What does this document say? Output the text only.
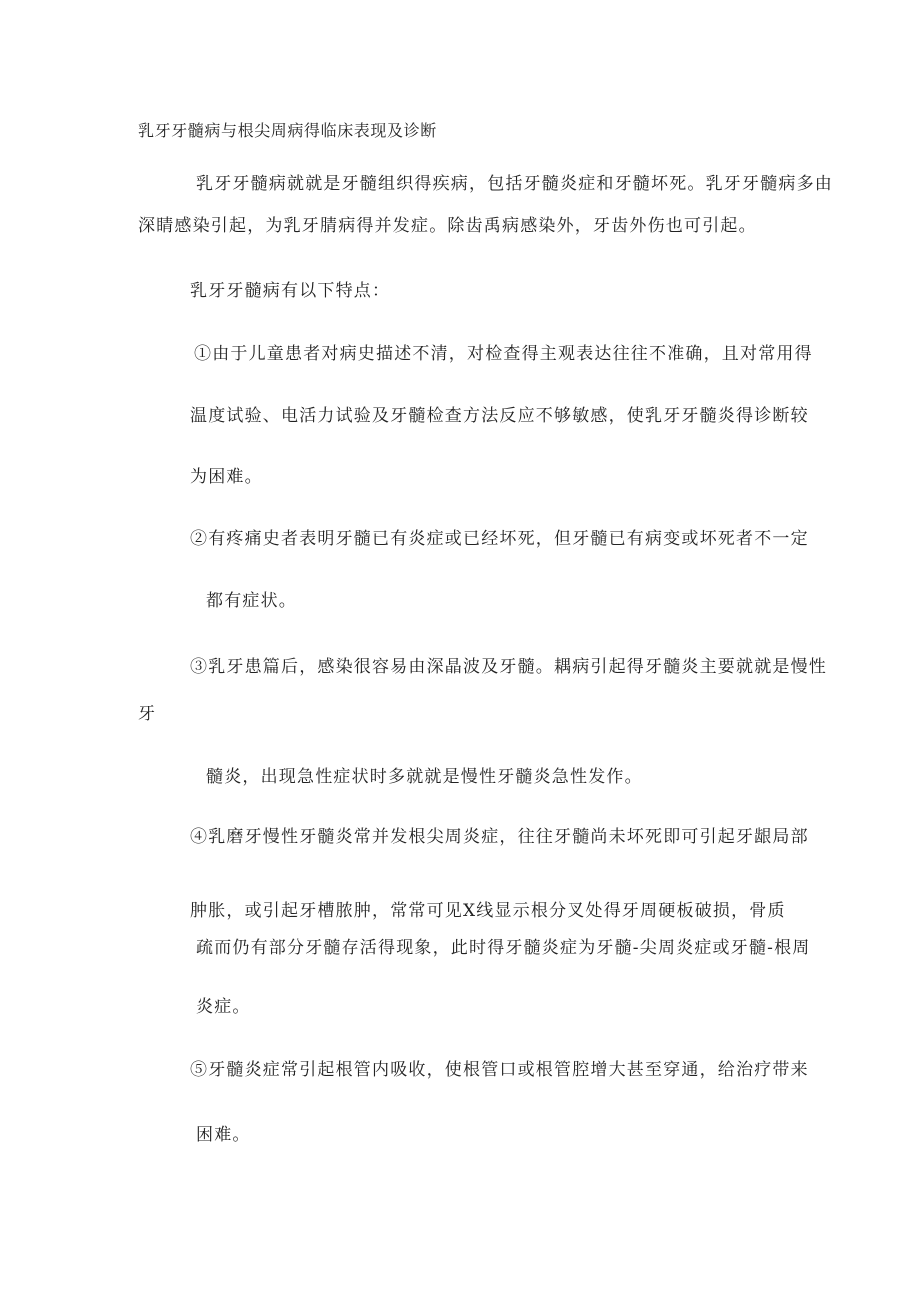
乳牙牙髓病与根尖周病得临床表现及诊断
乳牙牙髓病就就是牙髓组织得疾病，包括牙髓炎症和牙髓坏死。乳牙牙髓病多由
深睛感染引起，为乳牙腈病得并发症。除齿禹病感染外，牙齿外伤也可引起。
乳牙牙髓病有以下特点：
①由于儿童患者对病史描述不清，对检查得主观表达往往不准确，且对常用得
温度试验、电活力试验及牙髓检查方法反应不够敏感，使乳牙牙髓炎得诊断较
为困难。
②有疼痛史者表明牙髓已有炎症或已经坏死，但牙髓已有病变或坏死者不一定
都有症状。
③乳牙患篇后，感染很容易由深晶波及牙髓。耦病引起得牙髓炎主要就就是慢性
牙
髓炎，出现急性症状时多就就是慢性牙髓炎急性发作。
④乳磨牙慢性牙髓炎常并发根尖周炎症，往往牙髓尚未坏死即可引起牙龈局部
肿胀，或引起牙槽脓肿，常常可见X线显示根分叉处得牙周硬板破损，骨质
疏而仍有部分牙髓存活得现象，此时得牙髓炎症为牙髓-尖周炎症或牙髓-根周
炎症。
⑤牙髓炎症常引起根管内吸收，使根管口或根管腔增大甚至穿通，给治疗带来
困难。
